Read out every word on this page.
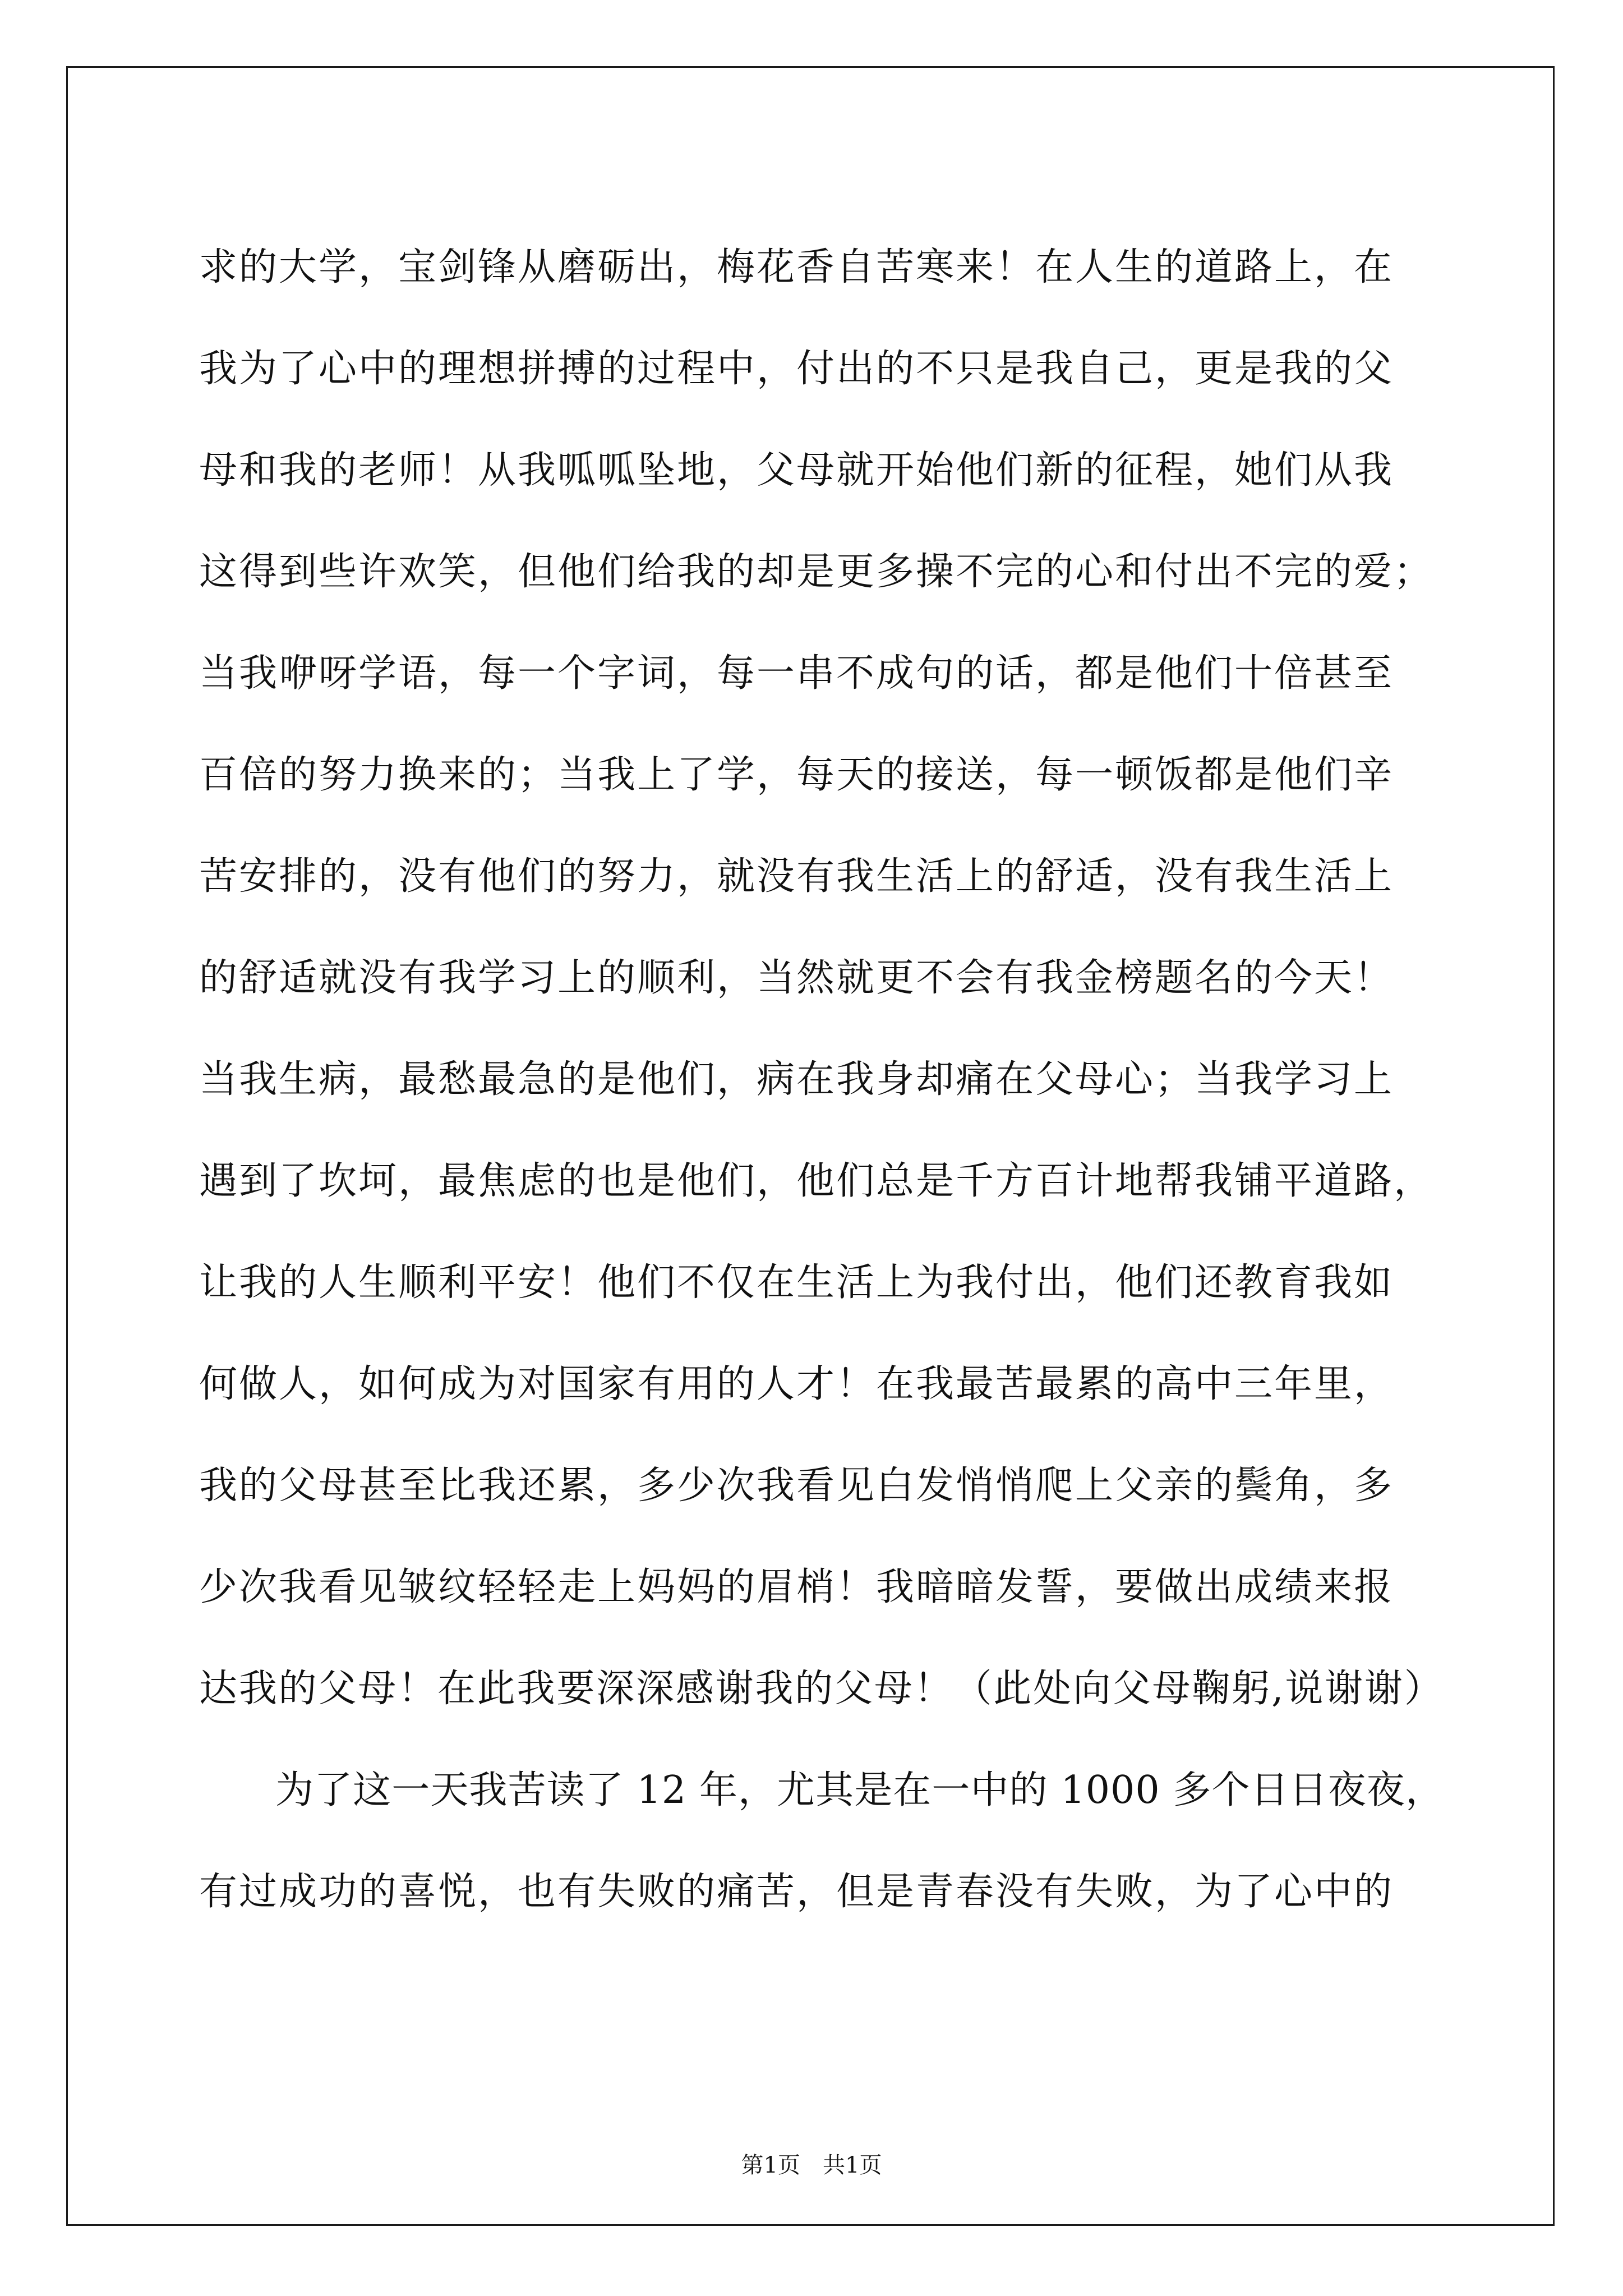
求的大学，宝剑锋从磨砺出，梅花香自苦寒来！在人生的道路上，在
我为了心中的理想拼搏的过程中，付出的不只是我自己，更是我的父
母和我的老师！从我呱呱坠地，父母就开始他们新的征程，她们从我
这得到些许欢笑，但他们给我的却是更多操不完的心和付出不完的爱；
当我咿呀学语，每一个字词，每一串不成句的话，都是他们十倍甚至
百倍的努力换来的；当我上了学，每天的接送，每一顿饭都是他们辛
苦安排的，没有他们的努力，就没有我生活上的舒适，没有我生活上
的舒适就没有我学习上的顺利，当然就更不会有我金榜题名的今天！
当我生病，最愁最急的是他们，病在我身却痛在父母心；当我学习上
遇到了坎坷，最焦虑的也是他们，他们总是千方百计地帮我铺平道路，
让我的人生顺利平安！他们不仅在生活上为我付出，他们还教育我如
何做人，如何成为对国家有用的人才！在我最苦最累的高中三年里，
我的父母甚至比我还累，多少次我看见白发悄悄爬上父亲的鬓角，多
少次我看见皱纹轻轻走上妈妈的眉梢！我暗暗发誓，要做出成绩来报
达我的父母！在此我要深深感谢我的父母！（此处向父母鞠躬,说谢谢）
为了这一天我苦读了 12 年，尤其是在一中的 1000 多个日日夜夜，
有过成功的喜悦，也有失败的痛苦，但是青春没有失败，为了心中的
第1页　共1页
